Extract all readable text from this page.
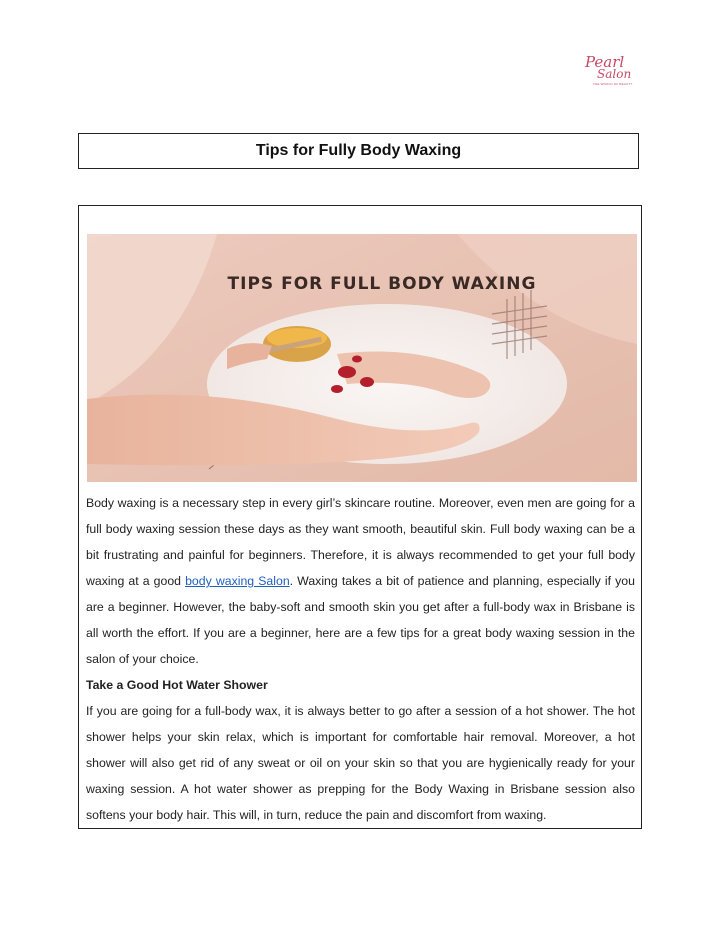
Pearl
Salon
THE WORLD OF BEAUTY
Tips for Fully Body Waxing
TIPS FOR FULL BODY WAXING

Body waxing is a necessary step in every girl’s skincare routine. Moreover, even men are going for a full body waxing session these days as they want smooth, beautiful skin. Full body waxing can be a bit frustrating and painful for beginners. Therefore, it is always recommended to get your full body waxing at a good body waxing Salon. Waxing takes a bit of patience and planning, especially if you are a beginner. However, the baby-soft and smooth skin you get after a full-body wax in Brisbane is all worth the effort. If you are a beginner, here are a few tips for a great body waxing session in the salon of your choice.

Take a Good Hot Water Shower

If you are going for a full-body wax, it is always better to go after a session of a hot shower. The hot shower helps your skin relax, which is important for comfortable hair removal. Moreover, a hot shower will also get rid of any sweat or oil on your skin so that you are hygienically ready for your waxing session. A hot water shower as prepping for the Body Waxing in Brisbane session also softens your body hair. This will, in turn, reduce the pain and discomfort from waxing.
